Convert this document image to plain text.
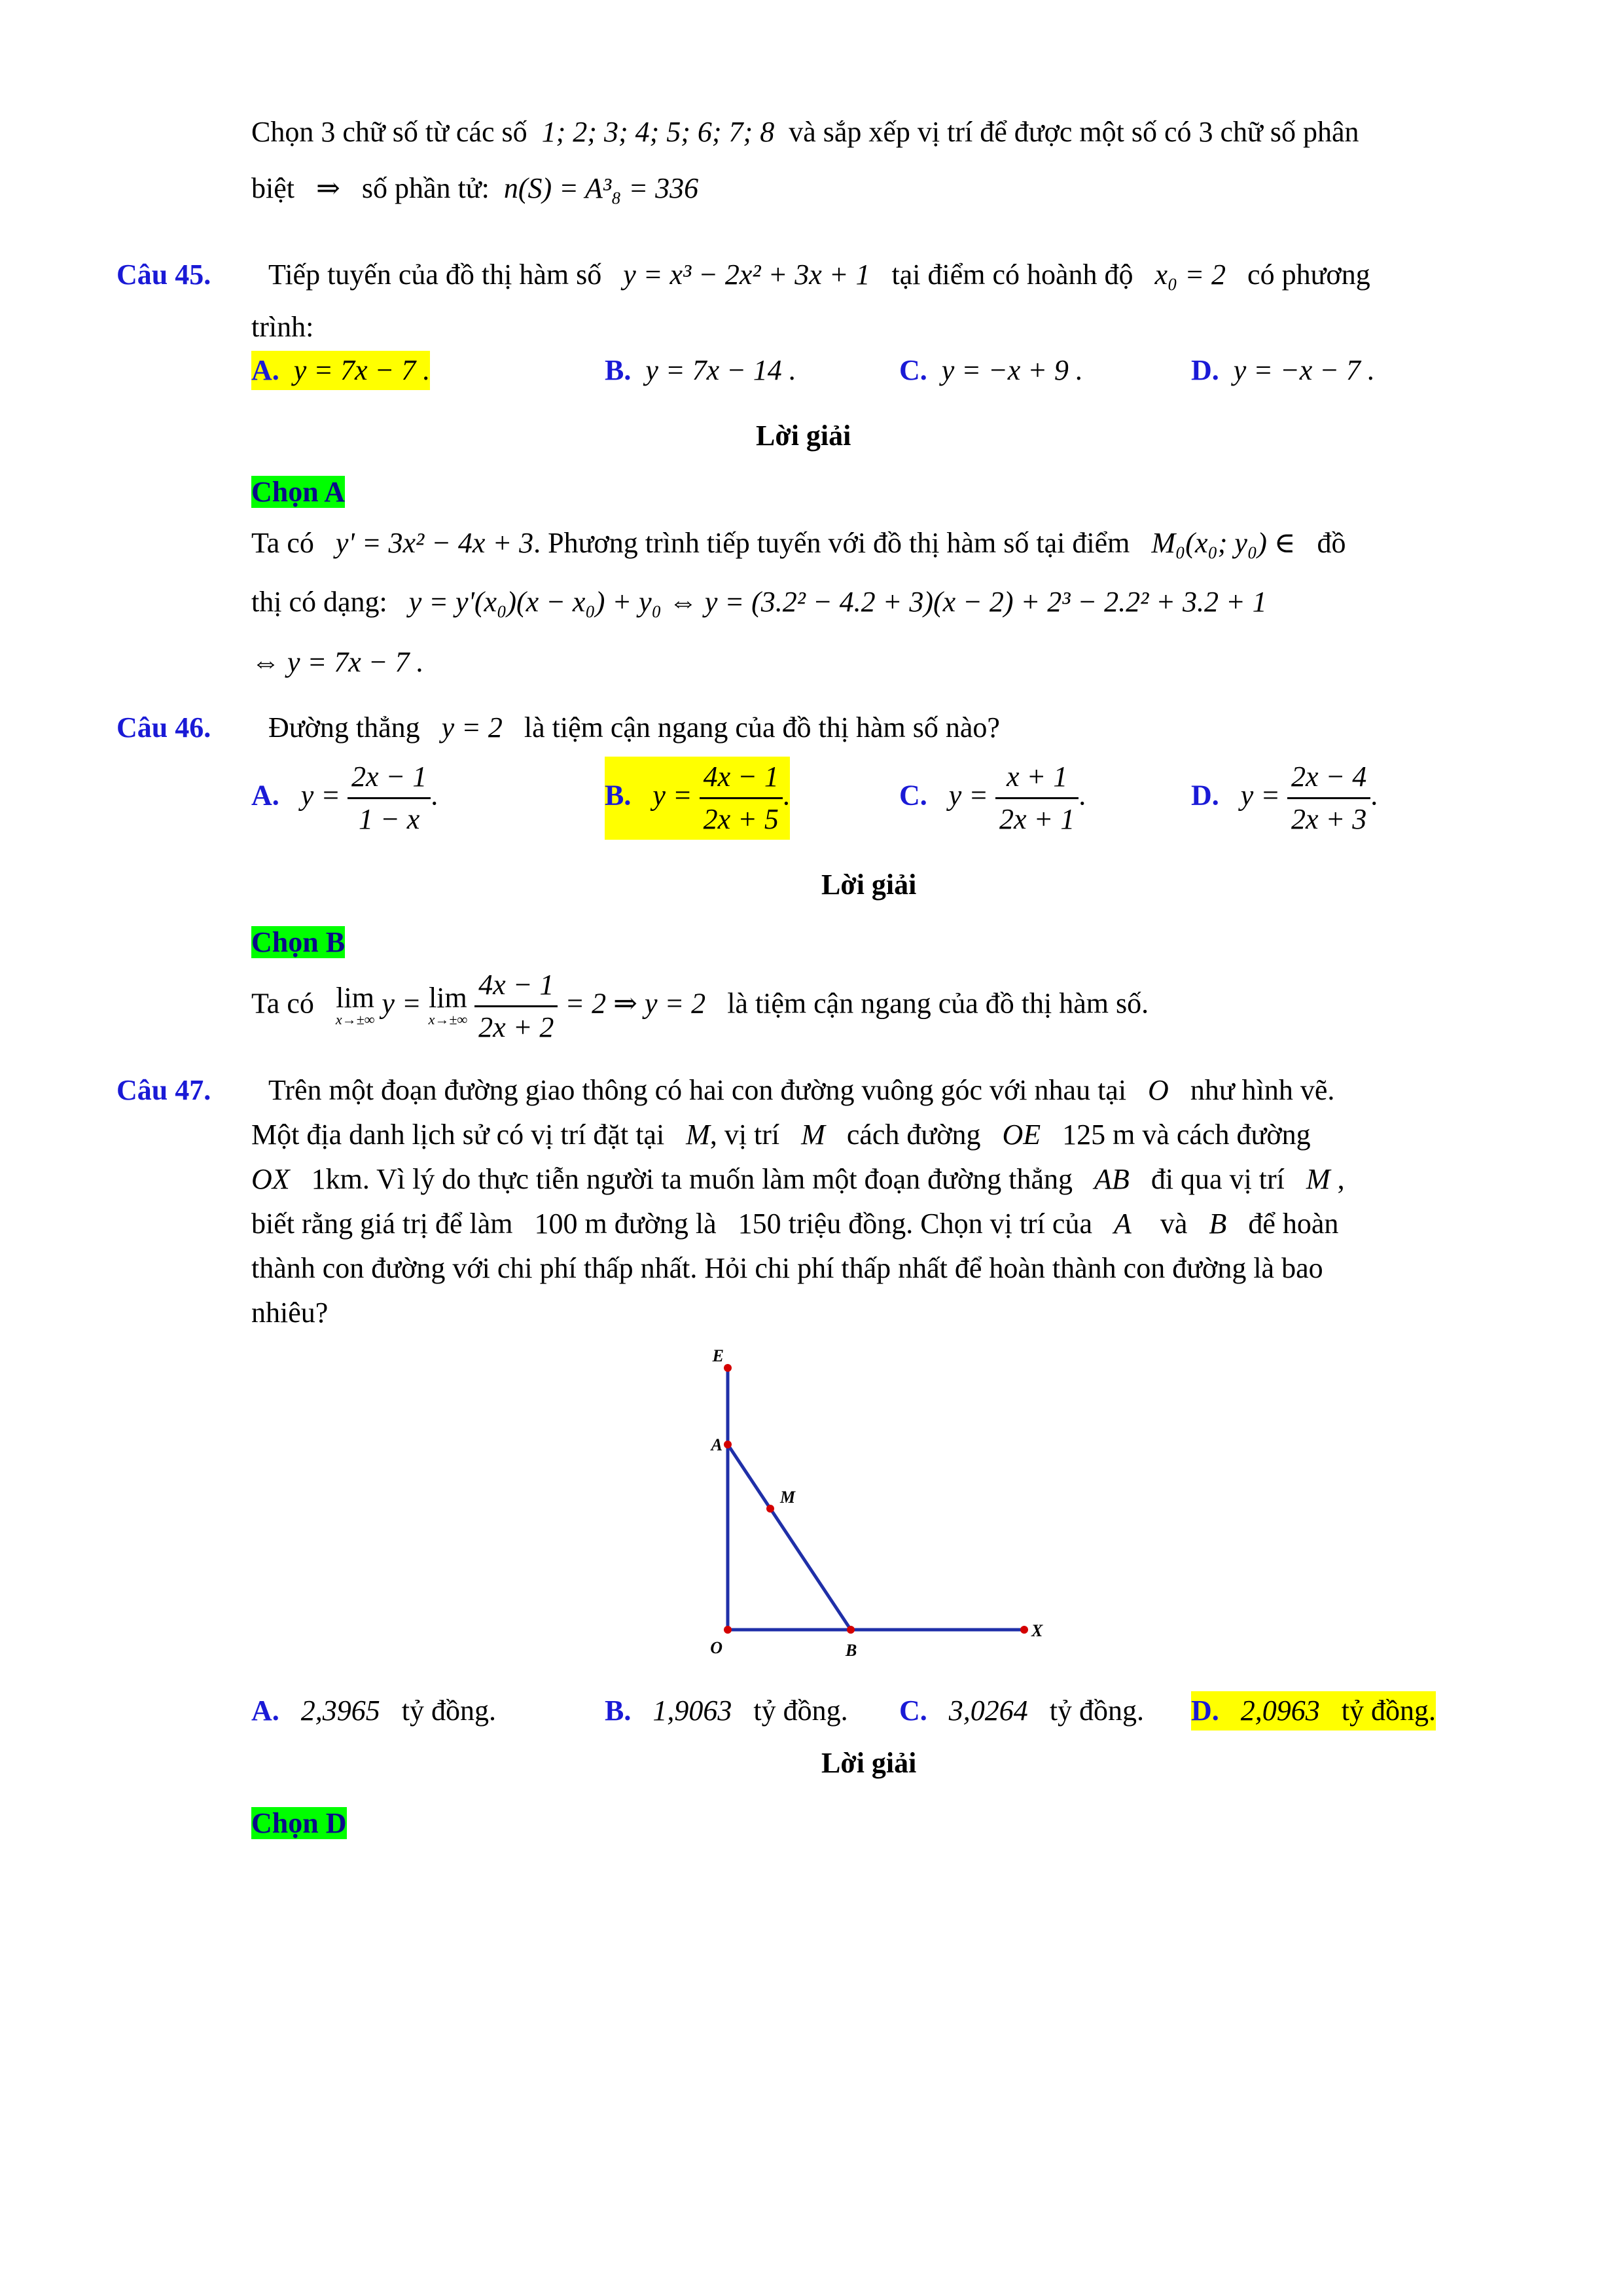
Chọn 3 chữ số từ các số 1; 2; 3; 4; 5; 6; 7; 8 và sắp xếp vị trí để được một số có 3 chữ số phân
biệt ⇒ số phần tử: n(S) = A³₈ = 336
Câu 45. Tiếp tuyến của đồ thị hàm số y = x³ − 2x² + 3x + 1 tại điểm có hoành độ x₀ = 2 có phương
trình:
A. y = 7x − 7 .	B. y = 7x − 14 .	C. y = −x + 9 .	D. y = −x − 7 .
Lời giải
Chọn A
Ta có y' = 3x² − 4x + 3. Phương trình tiếp tuyến với đồ thị hàm số tại điểm M₀(x₀; y₀) ∈ đồ
thị có dạng: y = y'(x₀)(x − x₀) + y₀ ⇔ y = (3.2² − 4.2 + 3)(x − 2) + 2³ − 2.2² + 3.2 + 1
⇔ y = 7x − 7 .
Câu 46. Đường thẳng y = 2 là tiệm cận ngang của đồ thị hàm số nào?
A. $y = \frac{2x - 1}{1 - x}$ .	B. $y = \frac{4x - 1}{2x + 5}$ .	C. $y = \frac{x + 1}{2x + 1}$ .	D. $y = \frac{2x - 4}{2x + 3}$ .
Lời giải
Chọn B
Ta có lim
x→±∞ y = lim
x→±∞
$\frac{4x - 1}{2x + 2} = 2$ ⇒ y = 2 là tiệm cận ngang của đồ thị hàm số.
Câu 47. Trên một đoạn đường giao thông có hai con đường vuông góc với nhau tại O như hình vẽ.
Một địa danh lịch sử có vị trí đặt tại M, vị trí M cách đường OE 125 m và cách đường
OX 1km. Vì lý do thực tiễn người ta muốn làm một đoạn đường thẳng AB đi qua vị trí M ,
biết rằng giá trị để làm 100 m đường là 150 triệu đồng. Chọn vị trí của A và B để hoàn
thành con đường với chi phí thấp nhất. Hỏi chi phí thấp nhất để hoàn thành con đường là bao
nhiêu?
E
A
M
O	B
X
A. 2,3965 tỷ đồng.	B. 1,9063 tỷ đồng. C. 3,0264 tỷ đồng. D. 2,0963 tỷ đồng.
Lời giải
Chọn D
